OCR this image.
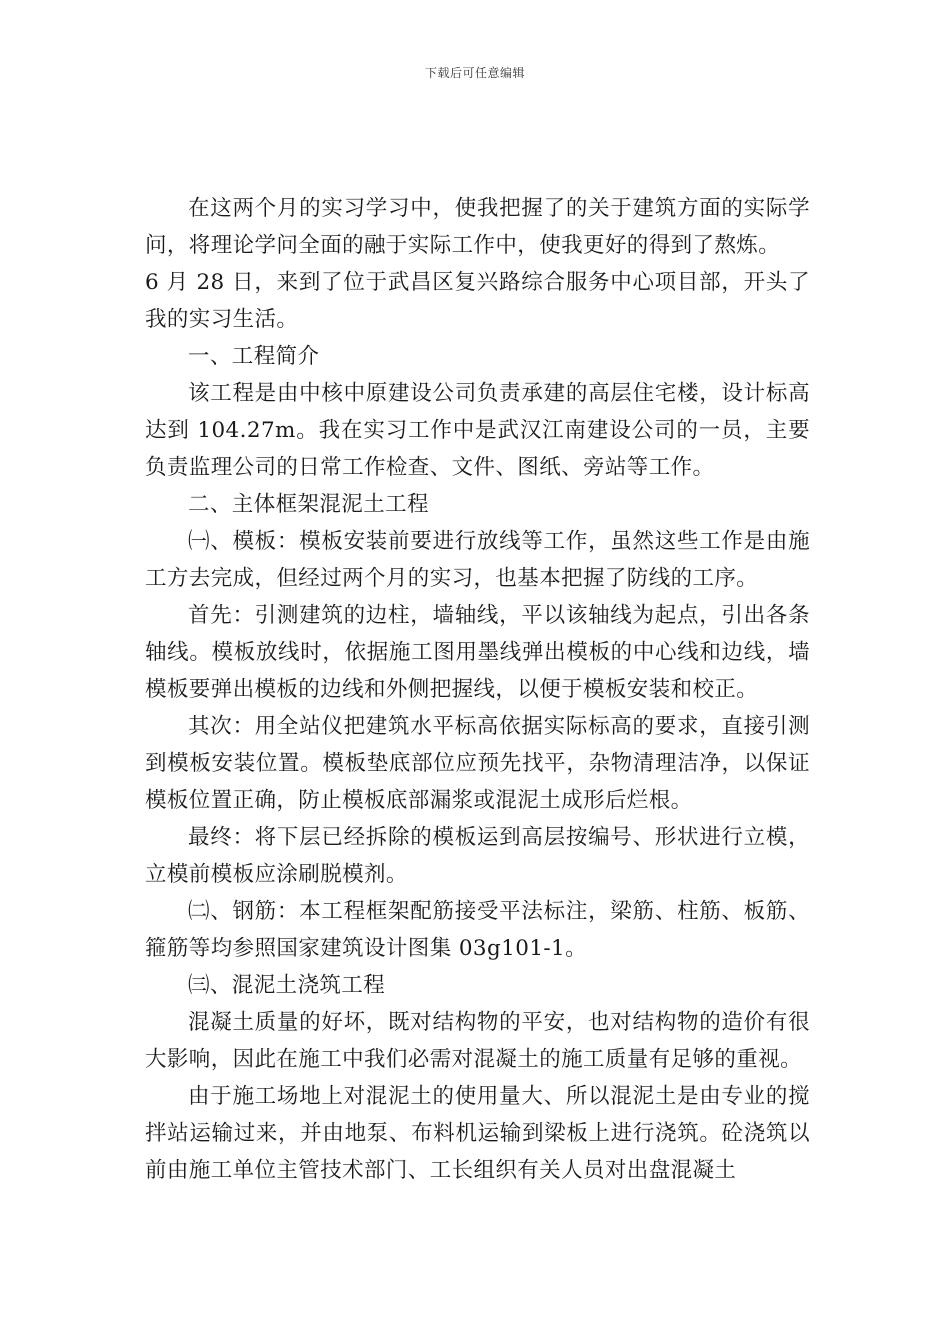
下载后可任意编辑

在这两个月的实习学习中，使我把握了的关于建筑方面的实际学问，将理论学问全面的融于实际工作中，使我更好的得到了熬炼。

6 月 28 日，来到了位于武昌区复兴路综合服务中心项目部，开头了我的实习生活。

一、工程简介

该工程是由中核中原建设公司负责承建的高层住宅楼，设计标高达到 104.27m。我在实习工作中是武汉江南建设公司的一员，主要负责监理公司的日常工作检查、文件、图纸、旁站等工作。

二、主体框架混泥土工程

㈠、模板：模板安装前要进行放线等工作，虽然这些工作是由施工方去完成，但经过两个月的实习，也基本把握了防线的工序。

首先：引测建筑的边柱，墙轴线，平以该轴线为起点，引出各条轴线。模板放线时，依据施工图用墨线弹出模板的中心线和边线，墙模板要弹出模板的边线和外侧把握线，以便于模板安装和校正。

其次：用全站仪把建筑水平标高依据实际标高的要求，直接引测到模板安装位置。模板垫底部位应预先找平，杂物清理洁净，以保证模板位置正确，防止模板底部漏浆或混泥土成形后烂根。

最终：将下层已经拆除的模板运到高层按编号、形状进行立模，立模前模板应涂刷脱模剂。

㈡、钢筋：本工程框架配筋接受平法标注，梁筋、柱筋、板筋、箍筋等均参照国家建筑设计图集 03g101-1。

㈢、混泥土浇筑工程

混凝土质量的好坏，既对结构物的平安，也对结构物的造价有很大影响，因此在施工中我们必需对混凝土的施工质量有足够的重视。

由于施工场地上对混泥土的使用量大、所以混泥土是由专业的搅拌站运输过来，并由地泵、布料机运输到梁板上进行浇筑。砼浇筑以前由施工单位主管技术部门、工长组织有关人员对出盘混凝土
